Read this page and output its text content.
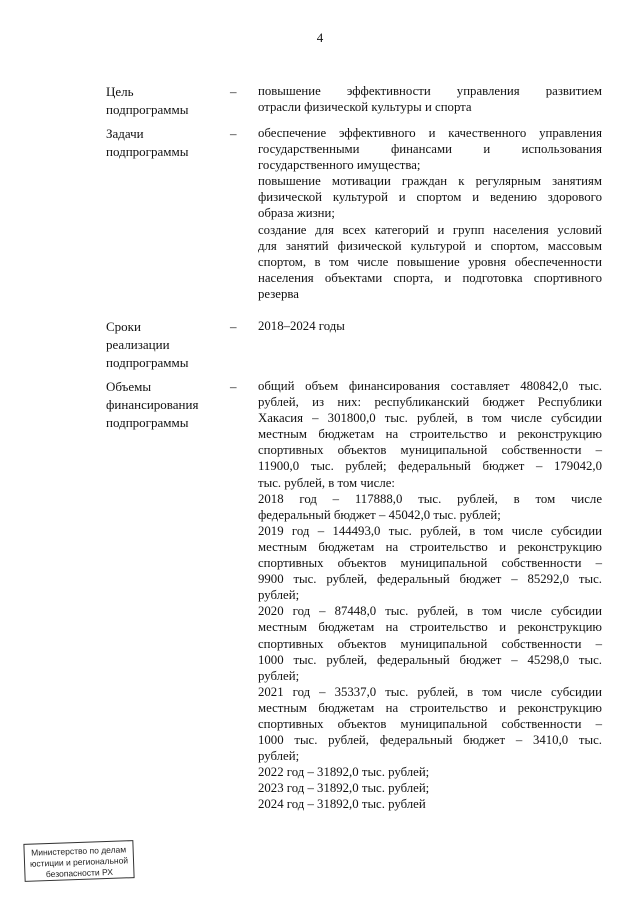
4
Цель
подпрограммы
–	повышение эффективности управления развитием
отрасли физической культуры и спорта
Задачи
подпрограммы
–	обеспечение эффективного и качественного управления
государственными финансами и использования
государственного имущества;
повышение мотивации граждан к регулярным занятиям
физической культурой и спортом и ведению здорового
образа жизни;
создание для всех категорий и групп населения условий
для занятий физической культурой и спортом, массовым
спортом, в том числе повышение уровня обеспеченности
населения объектами спорта, и подготовка спортивного
резерва
Сроки
реализации
подпрограммы
–	2018–2024 годы
Объемы
финансирования
подпрограммы
–	общий объем финансирования составляет 480842,0 тыс.
рублей, из них: республиканский бюджет Республики
Хакасия – 301800,0 тыс. рублей, в том числе субсидии
местным бюджетам на строительство и реконструкцию
спортивных объектов муниципальной собственности –
11900,0 тыс. рублей; федеральный бюджет – 179042,0
тыс. рублей, в том числе:
2018 год – 117888,0 тыс. рублей, в том числе
федеральный бюджет – 45042,0 тыс. рублей;
2019 год – 144493,0 тыс. рублей, в том числе субсидии
местным бюджетам на строительство и реконструкцию
спортивных объектов муниципальной собственности –
9900 тыс. рублей, федеральный бюджет – 85292,0 тыс.
рублей;
2020 год – 87448,0 тыс. рублей, в том числе субсидии
местным бюджетам на строительство и реконструкцию
спортивных объектов муниципальной собственности –
1000 тыс. рублей, федеральный бюджет – 45298,0 тыс.
рублей;
2021 год – 35337,0 тыс. рублей, в том числе субсидии
местным бюджетам на строительство и реконструкцию
спортивных объектов муниципальной собственности –
1000 тыс. рублей, федеральный бюджет – 3410,0 тыс.
рублей;
2022 год – 31892,0 тыс. рублей;
2023 год – 31892,0 тыс. рублей;
2024 год – 31892,0 тыс. рублей
Министерство по делам
юстиции и региональной
безопасности РХ
